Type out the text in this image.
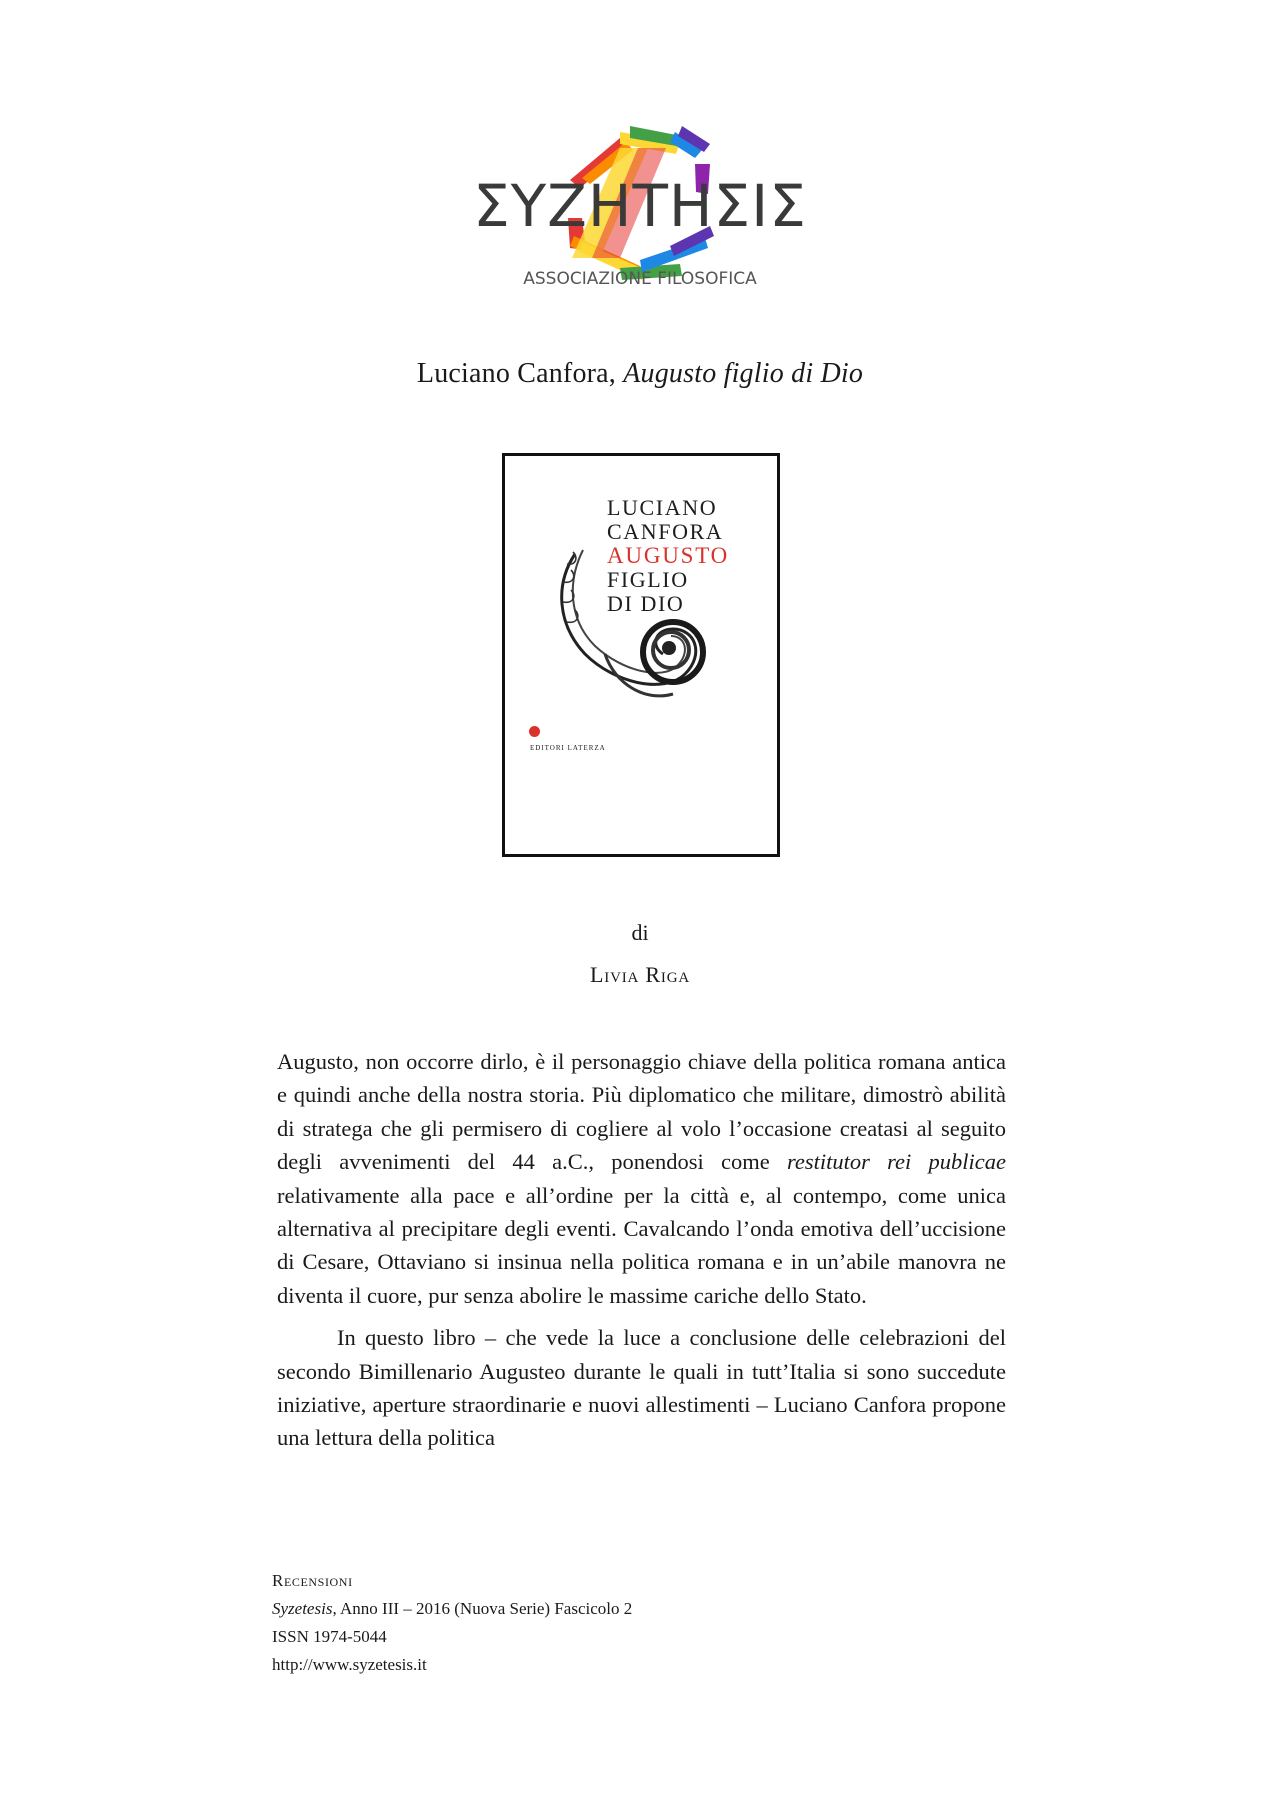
ΣΥΖΗΤΗΣΙΣ
ASSOCIAZIONE FILOSOFICA
Luciano Canfora, Augusto figlio di Dio
LUCIANO
CANFORA
AUGUSTO
FIGLIO
DI DIO
EDITORI LATERZA
di
Livia Riga

Augusto, non occorre dirlo, è il personaggio chiave della politica romana antica e quindi anche della nostra storia. Più diplomatico che militare, dimostrò abilità di stratega che gli permisero di cogliere al volo l’occasione creatasi al seguito degli avvenimenti del 44 a.C., ponendosi come restitutor rei publicae relativamente alla pace e all’ordine per la città e, al contempo, come unica alternativa al precipitare degli eventi. Cavalcando l’onda emotiva dell’uccisione di Cesare, Ottaviano si insinua nella politica romana e in un’abile manovra ne diventa il cuore, pur senza abolire le massime cariche dello Stato.

In questo libro – che vede la luce a conclusione delle celebrazioni del secondo Bimillenario Augusteo durante le quali in tutt’Italia si sono succedute iniziative, aperture straordinarie e nuovi allestimenti – Luciano Canfora propone una lettura della politica

Recensioni
Syzetesis, Anno III – 2016 (Nuova Serie) Fascicolo 2
ISSN 1974-5044
http://www.syzetesis.it
